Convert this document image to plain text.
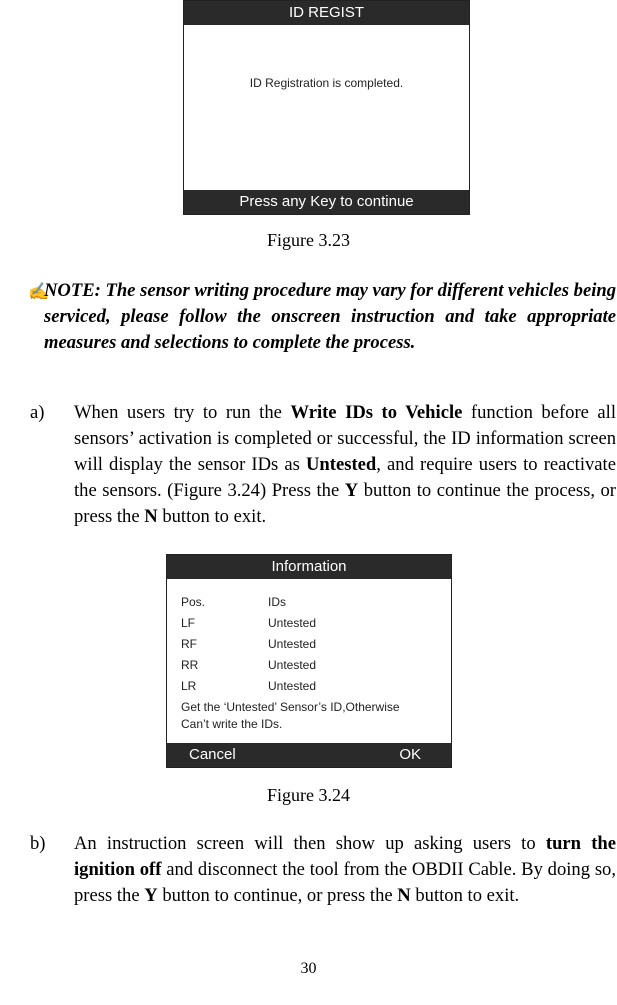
ID REGIST
ID Registration is completed.
Press any Key to continue
Figure 3.23
✍
NOTE: The sensor writing procedure may vary for different vehicles being serviced, please follow the onscreen instruction and take appropriate measures and selections to complete the process.
a) When users try to run the Write IDs to Vehicle function before all sensors’ activation is completed or successful, the ID information screen will display the sensor IDs as Untested, and require users to reactivate the sensors. (Figure 3.24) Press the Y button to continue the process, or press the N button to exit.
Information
Pos.	IDs
LF	Untested
RF	Untested
RR	Untested
LR	Untested
Get the ‘Untested’ Sensor’s ID,Otherwise
Can’t write the IDs.
Cancel	OK
Figure 3.24
b) An instruction screen will then show up asking users to turn the ignition off and disconnect the tool from the OBDII Cable. By doing so, press the Y button to continue, or press the N button to exit.
30
